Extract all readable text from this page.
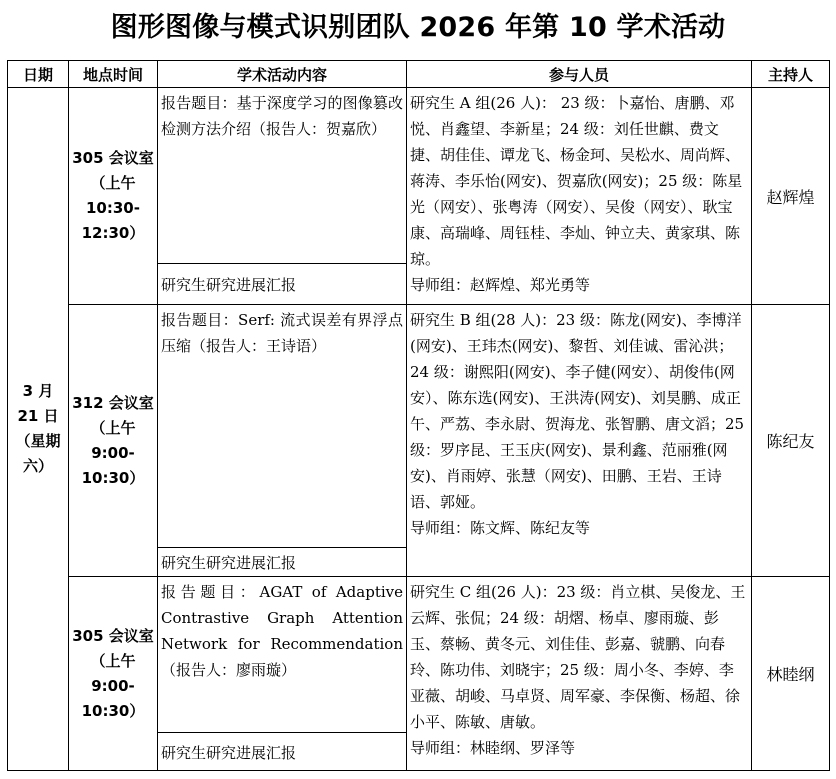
图形图像与模式识别团队 2026 年第 10 学术活动
日期	地点时间	学术活动内容	参与人员	主持人
3 月 21 日（星期六）	305 会议室（上午 10:30-12:30）	报告题目：基于深度学习的图像篡改检测方法介绍（报告人：贺嘉欣）	研究生 A 组(26 人)： 23 级：卜嘉怡、唐鹏、邓悦、肖鑫望、李新星；24 级：刘任世麒、费文捷、胡佳佳、谭龙飞、杨金珂、吴松水、周尚辉、蒋涛、李乐怡(网安)、贺嘉欣(网安)；25 级：陈星光（网安）、张粤涛（网安）、吴俊（网安）、耿宝康、高瑞峰、周钰桂、李灿、钟立夫、黄家琪、陈琼。
导师组：赵辉煌、郑光勇等	赵辉煌
		研究生研究进展汇报		
	312 会议室（上午 9:00-10:30）	报告题目：Serf: 流式误差有界浮点压缩（报告人：王诗语）	研究生 B 组(28 人)：23 级：陈龙(网安)、李博洋(网安)、王玮杰(网安)、黎哲、刘佳诚、雷沁洪；24 级：谢熙阳(网安)、李子健(网安）、胡俊伟(网安）、陈东选(网安)、王洪涛(网安)、刘昊鹏、成正午、严荔、李永尉、贺海龙、张智鹏、唐文滔；25 级：罗序昆、王玉庆(网安)、景利鑫、范丽雅(网安)、肖雨婷、张慧（网安)、田鹏、王岩、王诗语、郭娅。
导师组：陈文辉、陈纪友等	陈纪友
		研究生研究进展汇报		
	305 会议室（上午 9:00-10:30）	报告题目：AGAT of Adaptive Contrastive Graph Attention Network for Recommendation（报告人：廖雨璇）	研究生 C 组(26 人)：23 级：肖立棋、吴俊龙、王云辉、张侃；24 级：胡熠、杨卓、廖雨璇、彭玉、蔡畅、黄冬元、刘佳佳、彭嘉、虢鹏、向春玲、陈功伟、刘晓宇；25 级：周小冬、李婷、李亚薇、胡峻、马卓贤、周军豪、李保衡、杨超、徐小平、陈敏、唐敏。
导师组：林睦纲、罗泽等	林睦纲
		研究生研究进展汇报		
